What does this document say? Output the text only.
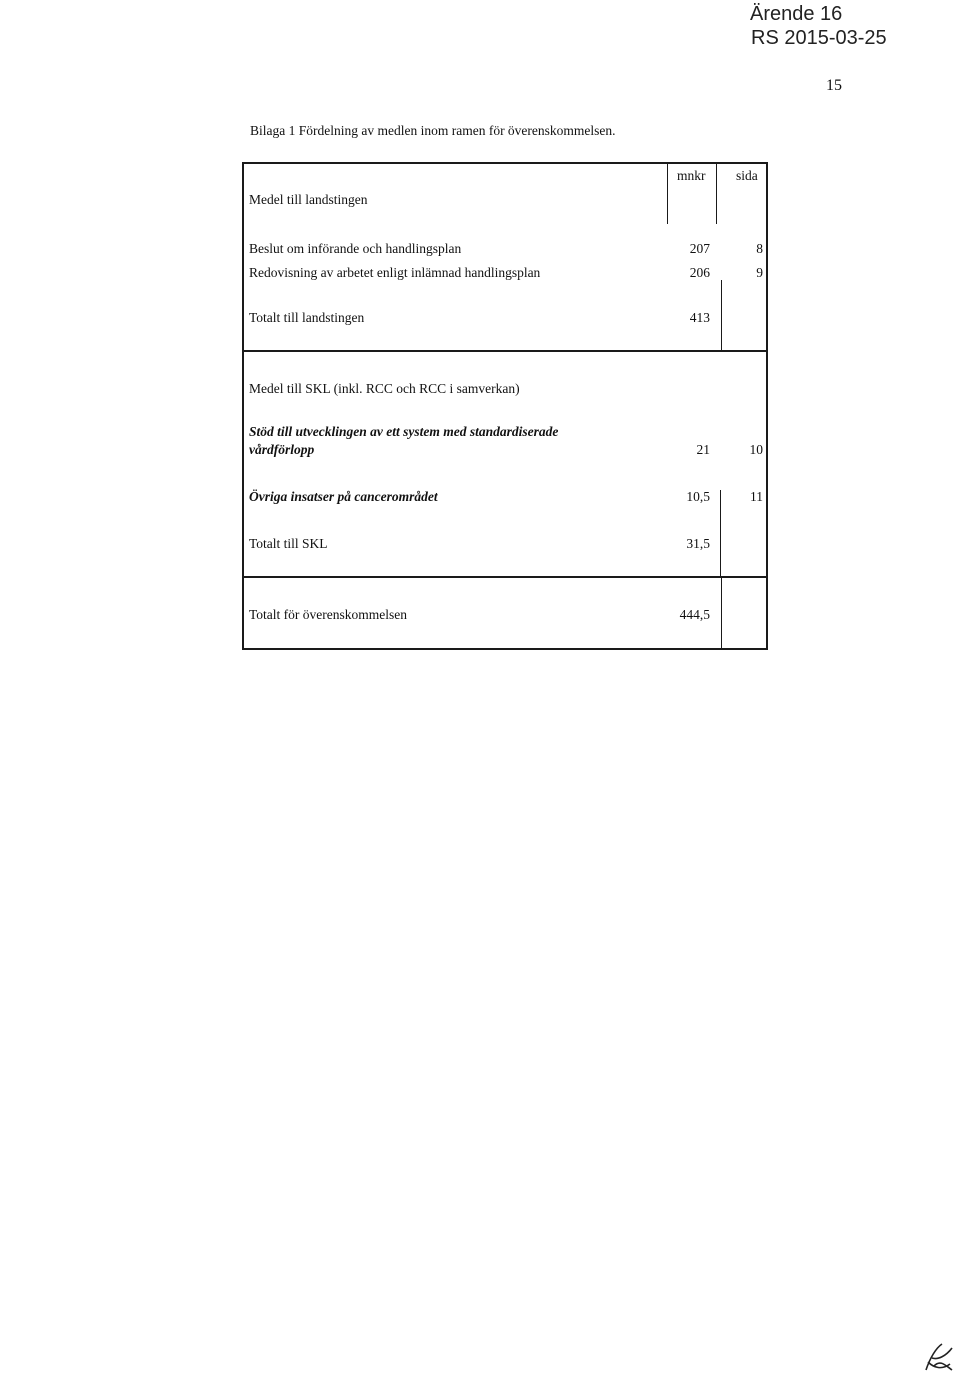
Ärende 16
RS 2015-03-25
15
Bilaga 1 Fördelning av medlen inom ramen för överenskommelsen.
mnkr sida
Medel till landstingen
Beslut om införande och handlingsplan	207	8
Redovisning av arbetet enligt inlämnad handlingsplan	206	9
Totalt till landstingen	413
Medel till SKL (inkl. RCC och RCC i samverkan)
Stöd till utvecklingen av ett system med standardiserade
vårdförlopp	21	10
Övriga insatser på cancerområdet	10,5	11
Totalt till SKL	31,5
Totalt för överenskommelsen	444,5
